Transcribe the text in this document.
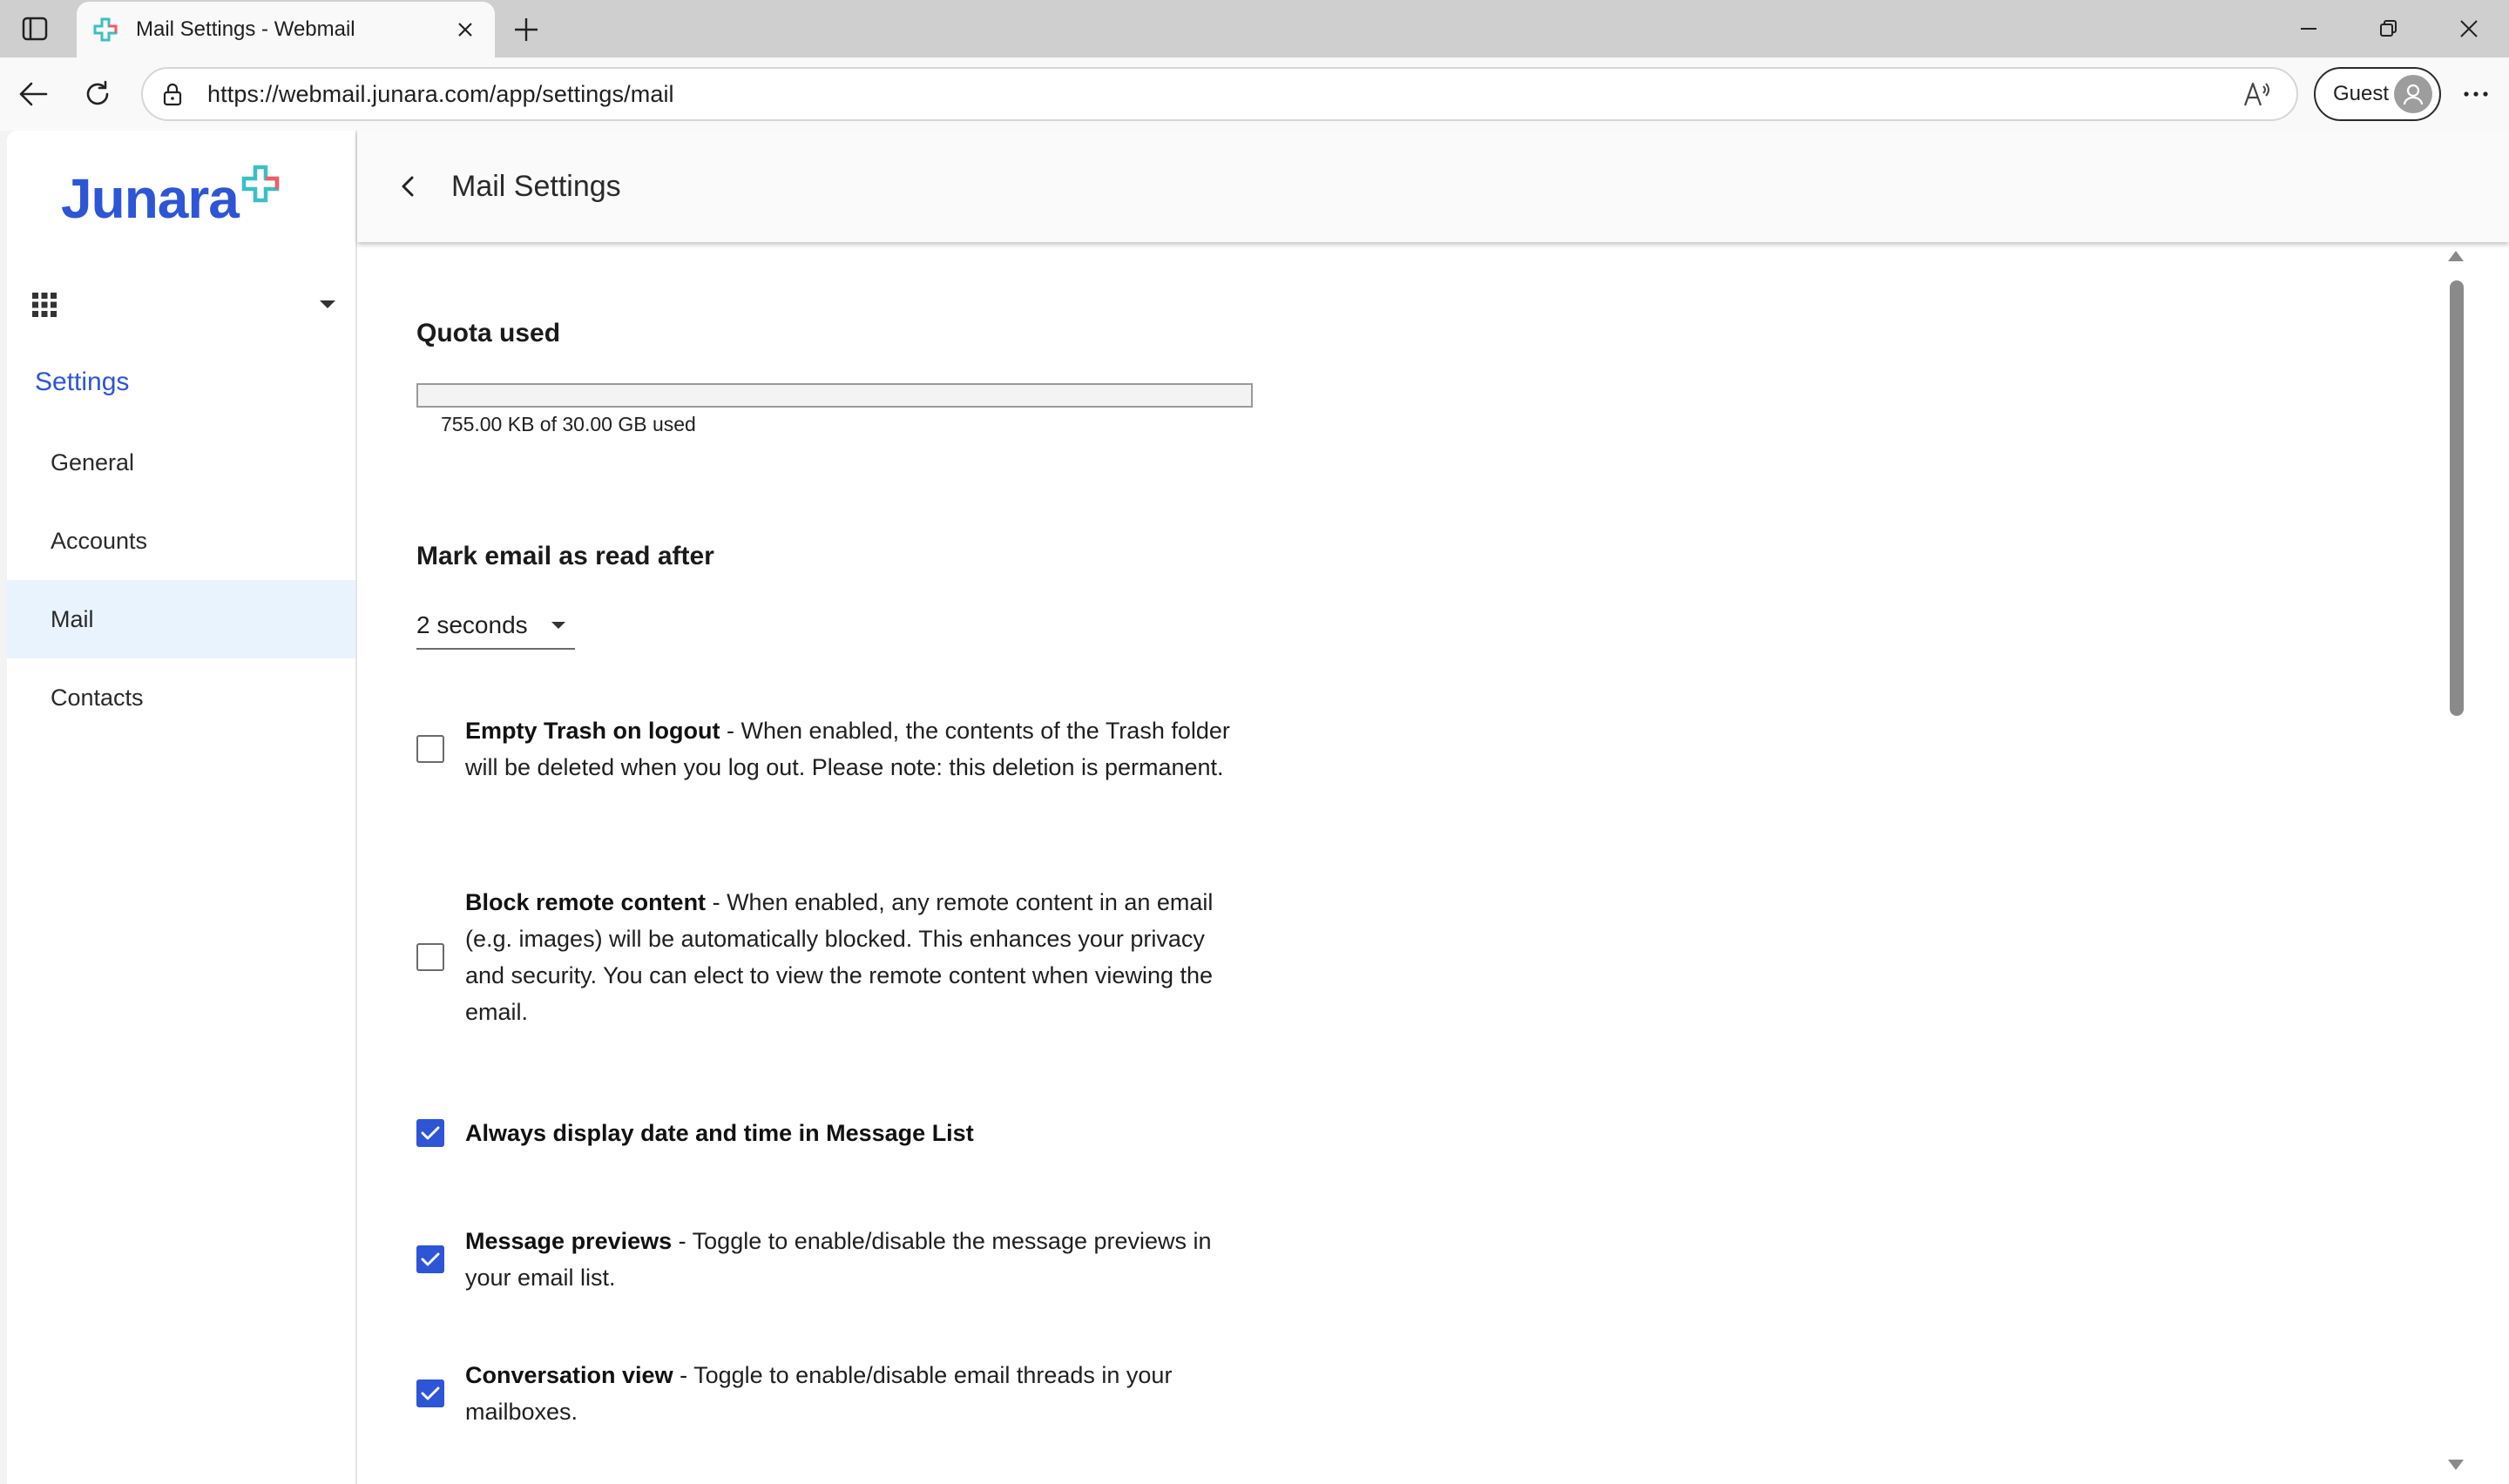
Mail Settings - Webmail
https://webmail.junara.com/app/settings/mail	Guest
Junara
Settings
General
Accounts
Mail
Contacts
Mail Settings
Quota used
755.00 KB of 30.00 GB used
Mark email as read after
2 seconds
Empty Trash on logout - When enabled, the contents of the Trash folder will be deleted when you log out. Please note: this deletion is permanent.
Block remote content - When enabled, any remote content in an email (e.g. images) will be automatically blocked. This enhances your privacy and security. You can elect to view the remote content when viewing the email.
Always display date and time in Message List
Message previews - Toggle to enable/disable the message previews in your email list.
Conversation view - Toggle to enable/disable email threads in your mailboxes.
